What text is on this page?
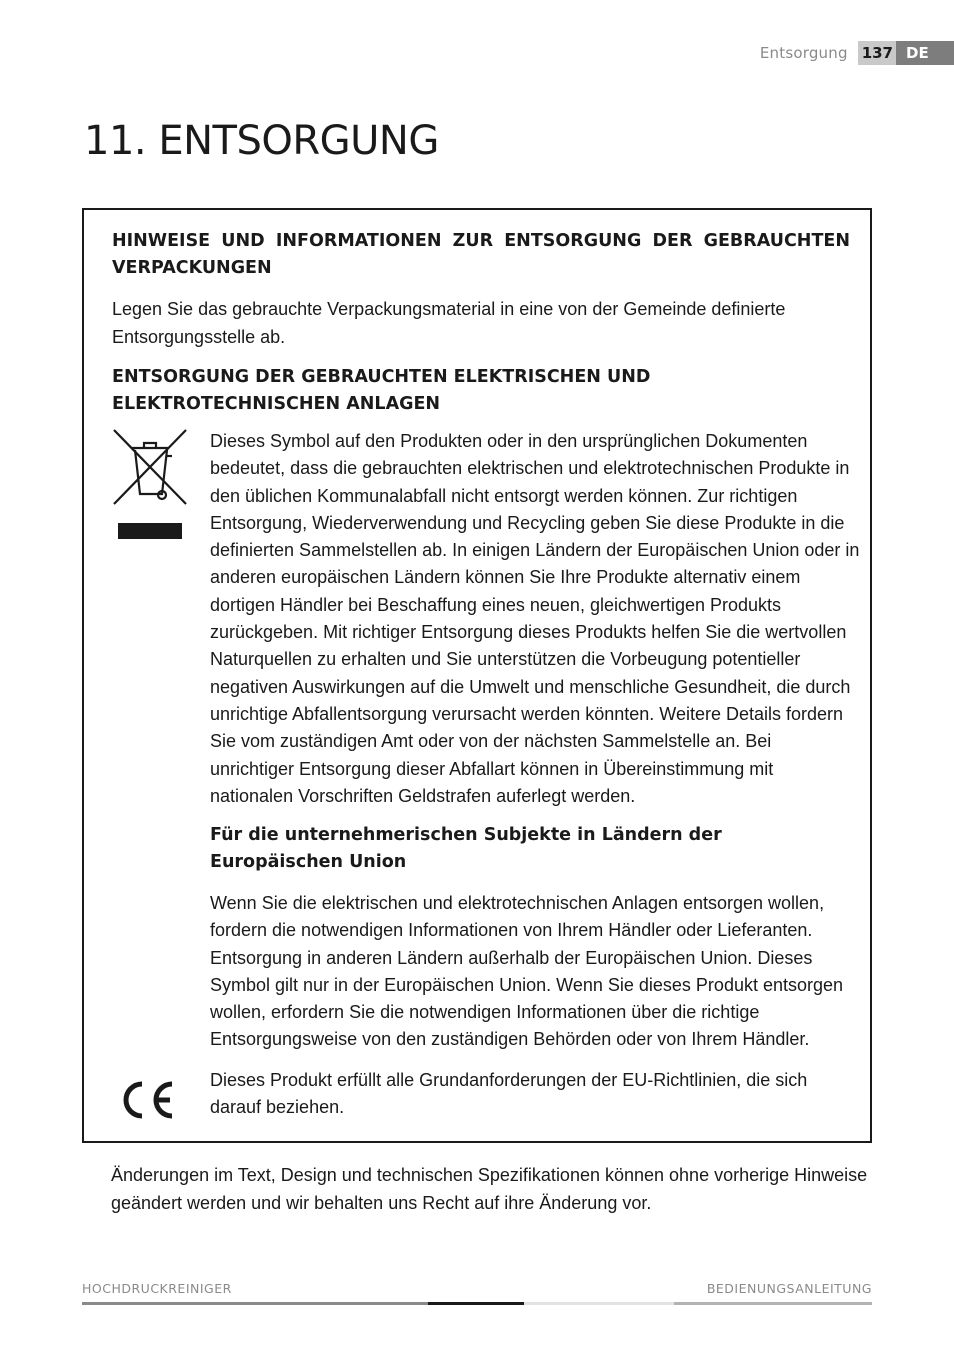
Entsorgung 137 DE
11. ENTSORGUNG
HINWEISE UND INFORMATIONEN ZUR ENTSORGUNG DER GEBRAUCHTEN VERPACKUNGEN

Legen Sie das gebrauchte Verpackungsmaterial in eine von der Gemeinde definierte Entsorgungsstelle ab.

ENTSORGUNG DER GEBRAUCHTEN ELEKTRISCHEN UND ELEKTROTECHNISCHEN ANLAGEN

Dieses Symbol auf den Produkten oder in den ursprünglichen Dokumenten bedeutet, dass die gebrauchten elektrischen und elektrotechnischen Produkte in den üblichen Kommunalabfall nicht entsorgt werden können. Zur richtigen Entsorgung, Wiederverwendung und Recycling geben Sie diese Produkte in die definierten Sammelstellen ab. In einigen Ländern der Europäischen Union oder in anderen europäischen Ländern können Sie Ihre Produkte alternativ einem dortigen Händler bei Beschaffung eines neuen, gleichwertigen Produkts zurückgeben. Mit richtiger Entsorgung dieses Produkts helfen Sie die wertvollen Naturquellen zu erhalten und Sie unterstützen die Vorbeugung potentieller negativen Auswirkungen auf die Umwelt und menschliche Gesundheit, die durch unrichtige Abfallentsorgung verursacht werden könnten. Weitere Details fordern Sie vom zuständigen Amt oder von der nächsten Sammelstelle an. Bei unrichtiger Entsorgung dieser Abfallart können in Übereinstimmung mit nationalen Vorschriften Geldstrafen auferlegt werden.

Für die unternehmerischen Subjekte in Ländern der Europäischen Union

Wenn Sie die elektrischen und elektrotechnischen Anlagen entsorgen wollen, fordern die notwendigen Informationen von Ihrem Händler oder Lieferanten. Entsorgung in anderen Ländern außerhalb der Europäischen Union. Dieses Symbol gilt nur in der Europäischen Union. Wenn Sie dieses Produkt entsorgen wollen, erfordern Sie die notwendigen Informationen über die richtige Entsorgungsweise von den zuständigen Behörden oder von Ihrem Händler.

Dieses Produkt erfüllt alle Grundanforderungen der EU-Richtlinien, die sich darauf beziehen.

Änderungen im Text, Design und technischen Spezifikationen können ohne vorherige Hinweise geändert werden und wir behalten uns Recht auf ihre Änderung vor.

HOCHDRUCKREINIGER	BEDIENUNGSANLEITUNG
